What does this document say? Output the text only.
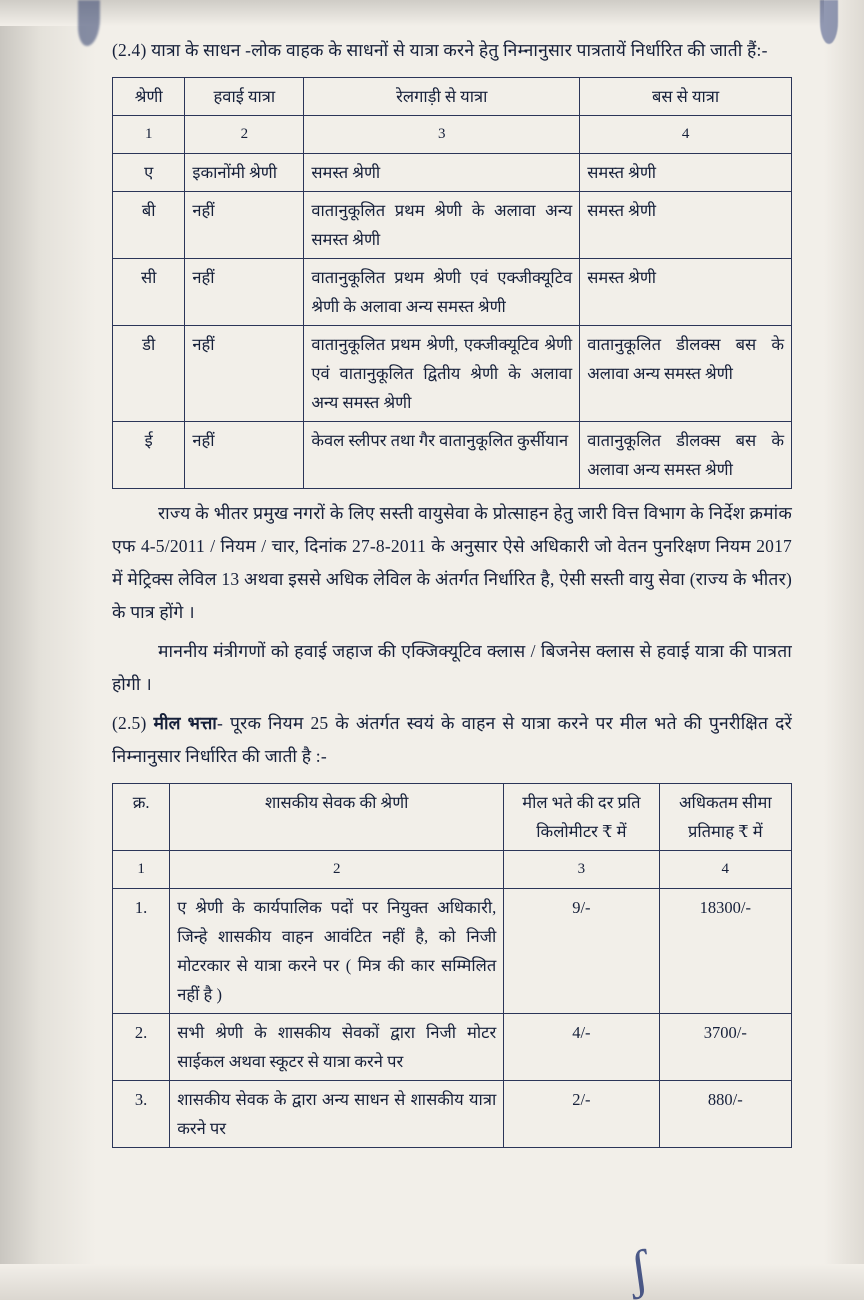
(2.4) यात्रा के साधन -लोक वाहक के साधनों से यात्रा करने हेतु निम्नानुसार पात्रतायें निर्धारित की जाती हैं:-

श्रेणी	हवाई यात्रा	रेलगाड़ी से यात्रा	बस से यात्रा
1	2	3	4
ए	इकानोंमी श्रेणी	समस्त श्रेणी	समस्त श्रेणी
बी	नहीं	वातानुकूलित प्रथम श्रेणी के अलावा अन्य समस्त श्रेणी	समस्त श्रेणी
सी	नहीं	वातानुकूलित प्रथम श्रेणी एवं एक्जीक्यूटिव श्रेणी के अलावा अन्य समस्त श्रेणी	समस्त श्रेणी
डी	नहीं	वातानुकूलित प्रथम श्रेणी, एक्जीक्यूटिव श्रेणी एवं वातानुकूलित द्वितीय श्रेणी के अलावा अन्य समस्त श्रेणी	वातानुकूलित डीलक्स बस के अलावा अन्य समस्त श्रेणी
ई	नहीं	केवल स्लीपर तथा गैर वातानुकूलित कुर्सीयान	वातानुकूलित डीलक्स बस के अलावा अन्य समस्त श्रेणी

राज्य के भीतर प्रमुख नगरों के लिए सस्ती वायुसेवा के प्रोत्साहन हेतु जारी वित्त विभाग के निर्देश क्रमांक एफ 4-5/2011 / नियम / चार, दिनांक 27-8-2011 के अनुसार ऐसे अधिकारी जो वेतन पुनरिक्षण नियम 2017 में मेट्रिक्स लेविल 13 अथवा इससे अधिक लेविल के अंतर्गत निर्धारित है, ऐसी सस्ती वायु सेवा (राज्य के भीतर) के पात्र होंगे ।

माननीय मंत्रीगणों को हवाई जहाज की एक्जिक्यूटिव क्लास / बिजनेस क्लास से हवाई यात्रा की पात्रता होगी ।

(2.5) मील भत्ता- पूरक नियम 25 के अंतर्गत स्वयं के वाहन से यात्रा करने पर मील भते की पुनरीक्षित दरें निम्नानुसार निर्धारित की जाती है :-

क्र.	शासकीय सेवक की श्रेणी	मील भते की दर प्रति किलोमीटर ₹ में	अधिकतम सीमा प्रतिमाह ₹ में
1	2	3	4
1.	ए श्रेणी के कार्यपालिक पदों पर नियुक्त अधिकारी, जिन्हे शासकीय वाहन आवंटित नहीं है, को निजी मोटरकार से यात्रा करने पर ( मित्र की कार सम्मिलित नहीं है )	9/-	18300/-
2.	सभी श्रेणी के शासकीय सेवकों द्वारा निजी मोटर साईकल अथवा स्कूटर से यात्रा करने पर	4/-	3700/-
3.	शासकीय सेवक के द्वारा अन्य साधन से शासकीय यात्रा करने पर	2/-	880/-
ʃ
